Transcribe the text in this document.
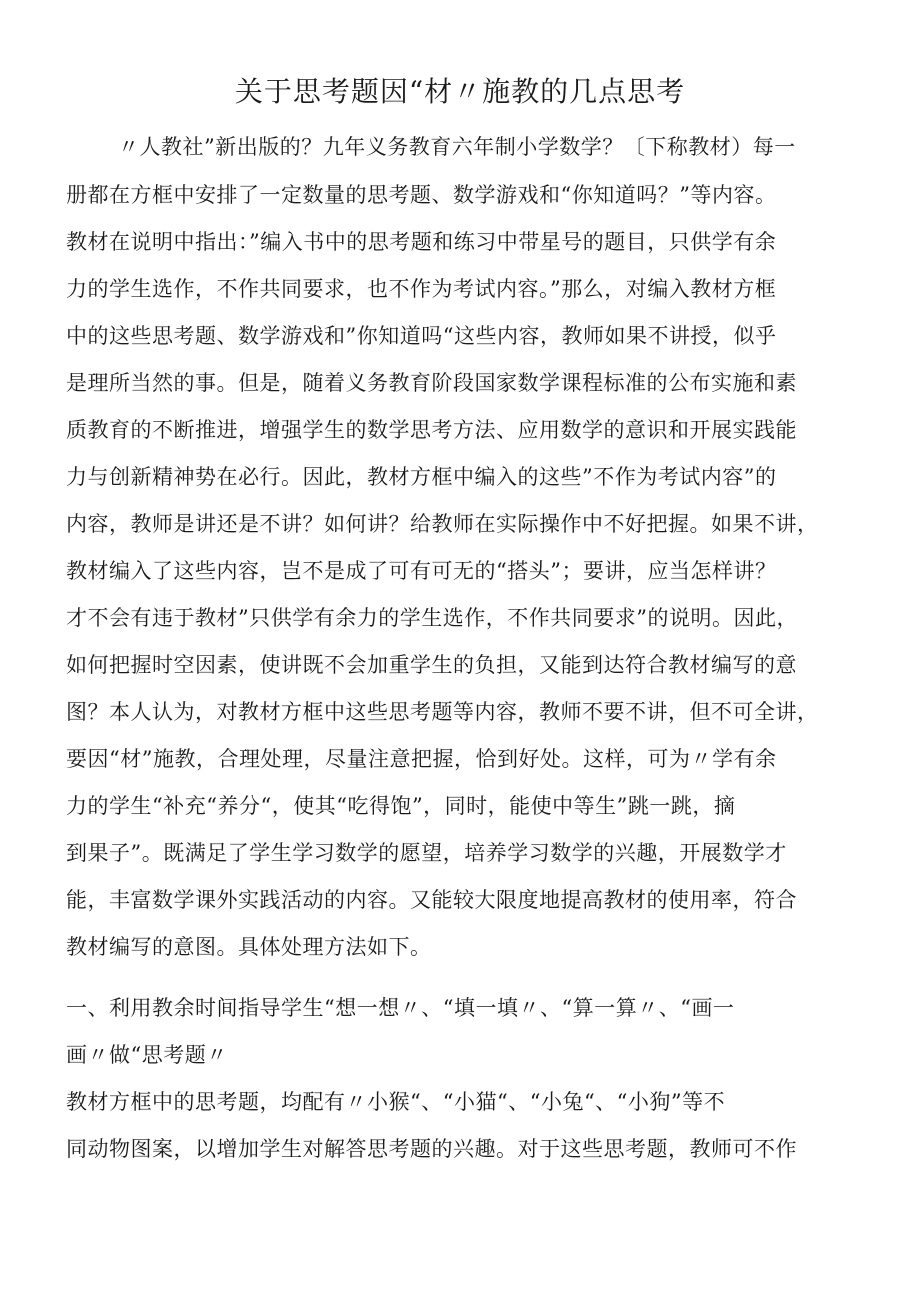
关于思考题因“材〃施教的几点思考
〃人教社”新出版的？九年义务教育六年制小学数学？〔下称教材）每一
册都在方框中安排了一定数量的思考题、数学游戏和“你知道吗？”等内容。
教材在说明中指出：”编入书中的思考题和练习中带星号的题目，只供学有余
力的学生选作，不作共同要求，也不作为考试内容。”那么，对编入教材方框
中的这些思考题、数学游戏和”你知道吗“这些内容，教师如果不讲授，似乎
是理所当然的事。但是，随着义务教育阶段国家数学课程标准的公布实施和素
质教育的不断推进，增强学生的数学思考方法、应用数学的意识和开展实践能
力与创新精神势在必行。因此，教材方框中编入的这些”不作为考试内容”的
内容，教师是讲还是不讲？如何讲？给教师在实际操作中不好把握。如果不讲，
教材编入了这些内容，岂不是成了可有可无的“搭头”；要讲，应当怎样讲？
才不会有违于教材”只供学有余力的学生选作，不作共同要求”的说明。因此，
如何把握时空因素，使讲既不会加重学生的负担，又能到达符合教材编写的意
图？本人认为，对教材方框中这些思考题等内容，教师不要不讲，但不可全讲，
要因“材”施教，合理处理，尽量注意把握，恰到好处。这样，可为〃学有余
力的学生“补充“养分“，使其“吃得饱”，同时，能使中等生”跳一跳，摘
到果子”。既满足了学生学习数学的愿望，培养学习数学的兴趣，开展数学才
能，丰富数学课外实践活动的内容。又能较大限度地提高教材的使用率，符合
教材编写的意图。具体处理方法如下。
一、利用教余时间指导学生“想一想〃、“填一填〃、“算一算〃、“画一
画〃做“思考题〃
教材方框中的思考题，均配有〃小猴“、“小猫“、“小兔“、“小狗”等不
同动物图案，以增加学生对解答思考题的兴趣。对于这些思考题，教师可不作
